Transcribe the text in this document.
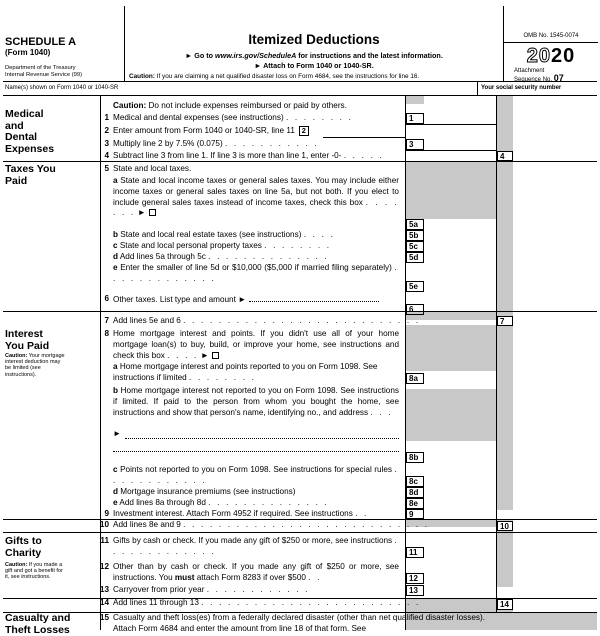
SCHEDULE A
(Form 1040)
Department of the Treasury
Internal Revenue Service (99)
Itemized Deductions
► Go to www.irs.gov/ScheduleA for instructions and the latest information.
► Attach to Form 1040 or 1040-SR.
Caution: If you are claiming a net qualified disaster loss on Form 4684, see the instructions for line 16.
OMB No. 1545-0074
2020
Attachment
Sequence No. 07
Name(s) shown on Form 1040 or 1040-SR	Your social security number
Medical
and
Dental
Expenses
Caution: Do not include expenses reimbursed or paid by others.
1 Medical and dental expenses (see instructions) . . . . . . . .	1
2 Enter amount from Form 1040 or 1040-SR, line 11 2
3 Multiply line 2 by 7.5% (0.075) . . . . . . . . . . .	3
4 Subtract line 3 from line 1. If line 3 is more than line 1, enter -0- . . . . .	4
Taxes You
Paid
5 State and local taxes.
a State and local income taxes or general sales taxes. You may include either income taxes or general sales taxes on line 5a, but not both. If you elect to include general sales taxes instead of income taxes, check this box . . . . . . . ►
5a
b State and local real estate taxes (see instructions) . . . .	5b
c State and local personal property taxes . . . . . . . .	5c
d Add lines 5a through 5c . . . . . . . . . . . . . .	5d
e Enter the smaller of line 5d or $10,000 ($5,000 if married filing separately) . . . . . . . . . . . . .
5e
6 Other taxes. List type and amount ►
6
7 Add lines 5e and 6 . . . . . . . . . . . . . . . . . . . . . . . . . . .	7
Interest
You Paid
Caution: Your mortgage interest deduction may be limited (see instructions).
8 Home mortgage interest and points. If you didn't use all of your home mortgage loan(s) to buy, build, or improve your home, see instructions and check this box . . . . ►
a Home mortgage interest and points reported to you on Form 1098. See instructions if limited . . . . . . . .	8a
b Home mortgage interest not reported to you on Form 1098. See instructions if limited. If paid to the person from whom you bought the home, see instructions and show that person's name, identifying no., and address . . .
►
8b
c Points not reported to you on Form 1098. See instructions for special rules . . . . . . . . . . . .	8c
d Mortgage insurance premiums (see instructions)	8d
e Add lines 8a through 8d . . . . . . . . . . . . . .	8e
9 Investment interest. Attach Form 4952 if required. See instructions . .	9
10 Add lines 8e and 9 . . . . . . . . . . . . . . . . . . . . . . . . . . . .	10
Gifts to
Charity
Caution: If you made a gift and got a benefit for it, see instructions.
11 Gifts by cash or check. If you made any gift of $250 or more, see instructions . . . . . . . . . . . . .	11
12 Other than by cash or check. If you made any gift of $250 or more, see instructions. You must attach Form 8283 if over $500 . .	12
13 Carryover from prior year . . . . . . . . . . . .	13
14 Add lines 11 through 13 . . . . . . . . . . . . . . . . . . . . . . . . .	14
Casualty and
Theft Losses
15 Casualty and theft loss(es) from a federally declared disaster (other than net qualified disaster losses). Attach Form 4684 and enter the amount from line 18 of that form. See
